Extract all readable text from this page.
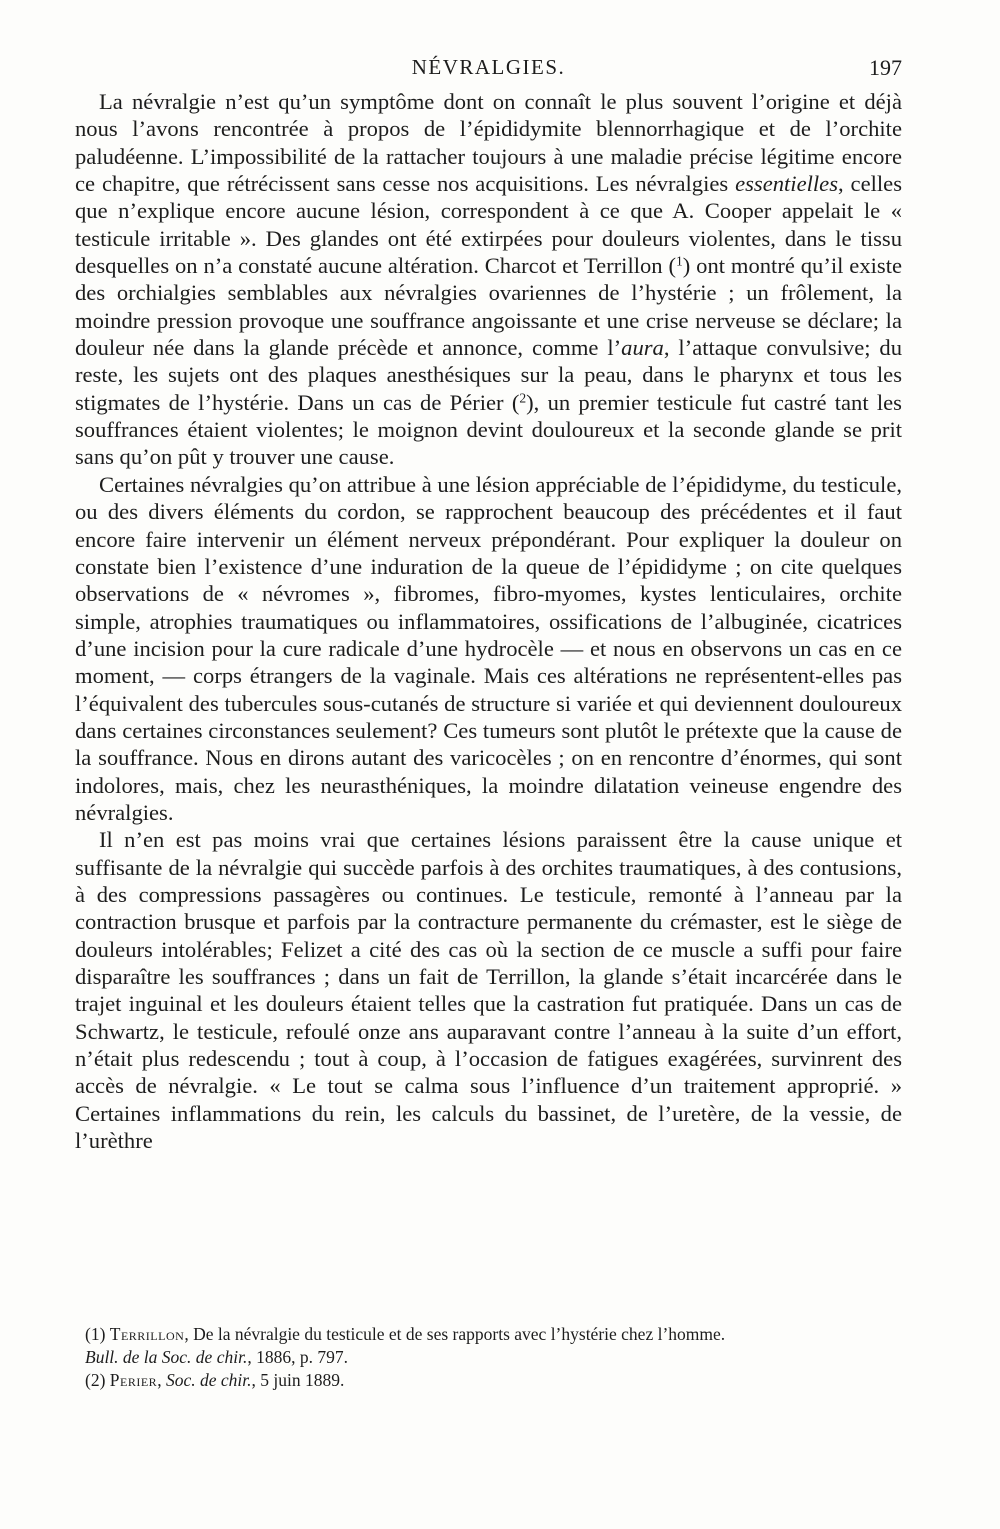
NÉVRALGIES.	197

La névralgie n’est qu’un symptôme dont on connaît le plus souvent l’origine et déjà nous l’avons rencontrée à propos de l’épididymite blennorrhagique et de l’orchite paludéenne. L’impossibilité de la rattacher toujours à une maladie précise légitime encore ce chapitre, que rétrécissent sans cesse nos acquisitions. Les névralgies essentielles, celles que n’explique encore aucune lésion, correspondent à ce que A. Cooper appelait le « testicule irritable ». Des glandes ont été extirpées pour douleurs violentes, dans le tissu desquelles on n’a constaté aucune altération. Charcot et Terrillon ($^1$) ont montré qu’il existe des orchialgies semblables aux névralgies ovariennes de l’hystérie ; un frôlement, la moindre pression provoque une souffrance angoissante et une crise nerveuse se déclare; la douleur née dans la glande précède et annonce, comme l’aura, l’attaque convulsive; du reste, les sujets ont des plaques anesthésiques sur la peau, dans le pharynx et tous les stigmates de l’hystérie. Dans un cas de Périer ($^2$), un premier testicule fut castré tant les souffrances étaient violentes; le moignon devint douloureux et la seconde glande se prit sans qu’on pût y trouver une cause.

Certaines névralgies qu’on attribue à une lésion appréciable de l’épididyme, du testicule, ou des divers éléments du cordon, se rapprochent beaucoup des précédentes et il faut encore faire intervenir un élément nerveux prépondérant. Pour expliquer la douleur on constate bien l’existence d’une induration de la queue de l’épididyme ; on cite quelques observations de « névromes », fibromes, fibro-myomes, kystes lenticulaires, orchite simple, atrophies traumatiques ou inflammatoires, ossifications de l’albuginée, cicatrices d’une incision pour la cure radicale d’une hydrocèle — et nous en observons un cas en ce moment, — corps étrangers de la vaginale. Mais ces altérations ne représentent-elles pas l’équivalent des tubercules sous-cutanés de structure si variée et qui deviennent douloureux dans certaines circonstances seulement? Ces tumeurs sont plutôt le prétexte que la cause de la souffrance. Nous en dirons autant des varicocèles ; on en rencontre d’énormes, qui sont indolores, mais, chez les neurasthéniques, la moindre dilatation veineuse engendre des névralgies.

Il n’en est pas moins vrai que certaines lésions paraissent être la cause unique et suffisante de la névralgie qui succède parfois à des orchites traumatiques, à des contusions, à des compressions passagères ou continues. Le testicule, remonté à l’anneau par la contraction brusque et parfois par la contracture permanente du crémaster, est le siège de douleurs intolérables; Felizet a cité des cas où la section de ce muscle a suffi pour faire disparaître les souffrances ; dans un fait de Terrillon, la glande s’était incarcérée dans le trajet inguinal et les douleurs étaient telles que la castration fut pratiquée. Dans un cas de Schwartz, le testicule, refoulé onze ans auparavant contre l’anneau à la suite d’un effort, n’était plus redescendu ; tout à coup, à l’occasion de fatigues exagérées, survinrent des accès de névralgie. « Le tout se calma sous l’influence d’un traitement approprié. » Certaines inflammations du rein, les calculs du bassinet, de l’uretère, de la vessie, de l’urèthre

(1) Terrillon, De la névralgie du testicule et de ses rapports avec l’hystérie chez l’homme.
Bull. de la Soc. de chir., 1886, p. 797.

(2) Perier, Soc. de chir., 5 juin 1889.
